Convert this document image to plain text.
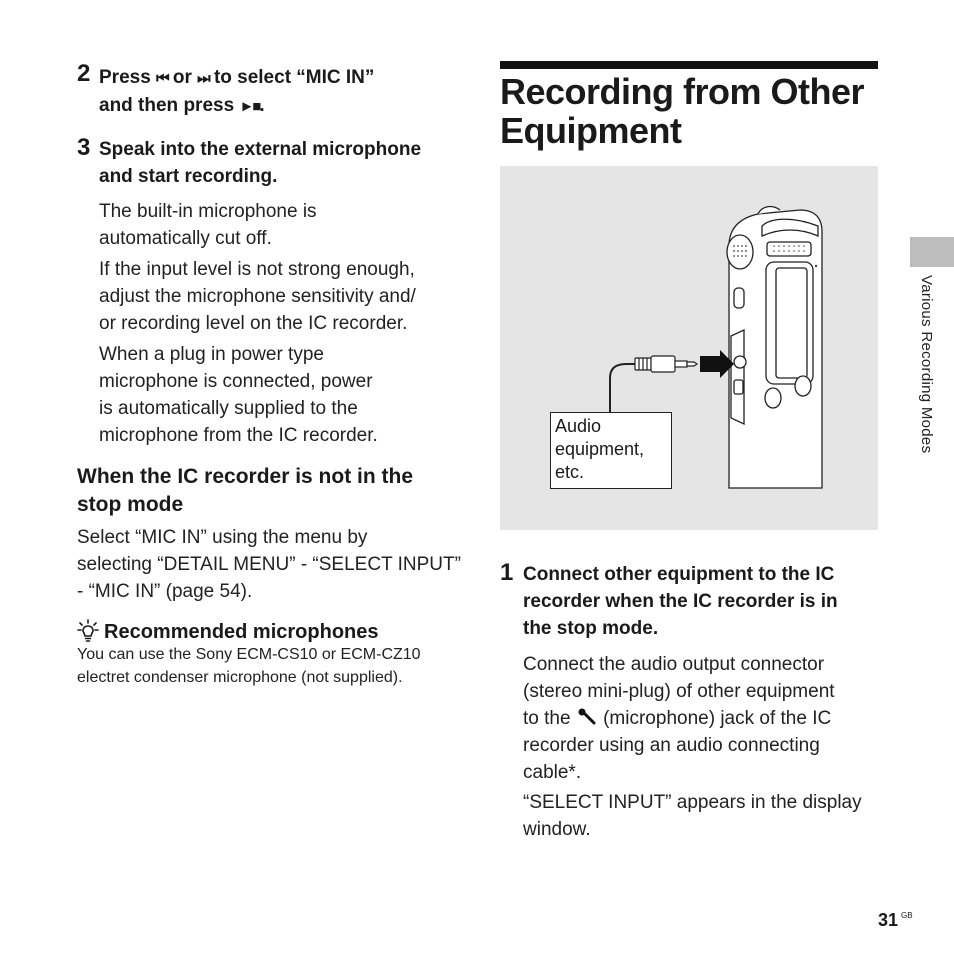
2 Press ⏮ or ⏭ to select “MIC IN”
and then press ►■.
3 Speak into the external microphone
and start recording.
The built-in microphone is
automatically cut off.
If the input level is not strong enough,
adjust the microphone sensitivity and/
or recording level on the IC recorder.
When a plug in power type
microphone is connected, power
is automatically supplied to the
microphone from the IC recorder.
When the IC recorder is not in the
stop mode
Select “MIC IN” using the menu by
selecting “DETAIL MENU” - “SELECT INPUT”
- “MIC IN” (page 54).
Recommended microphones
You can use the Sony ECM-CS10 or ECM-CZ10
electret condenser microphone (not supplied).
Recording from Other
Equipment
Audio
equipment,
etc.
1 Connect other equipment to the IC
recorder when the IC recorder is in
the stop mode.
Connect the audio output connector
(stereo mini-plug) of other equipment
to the (microphone) jack of the IC
recorder using an audio connecting
cable*.
“SELECT INPUT” appears in the display
window.
Various Recording Modes
31 $^{GB}$
